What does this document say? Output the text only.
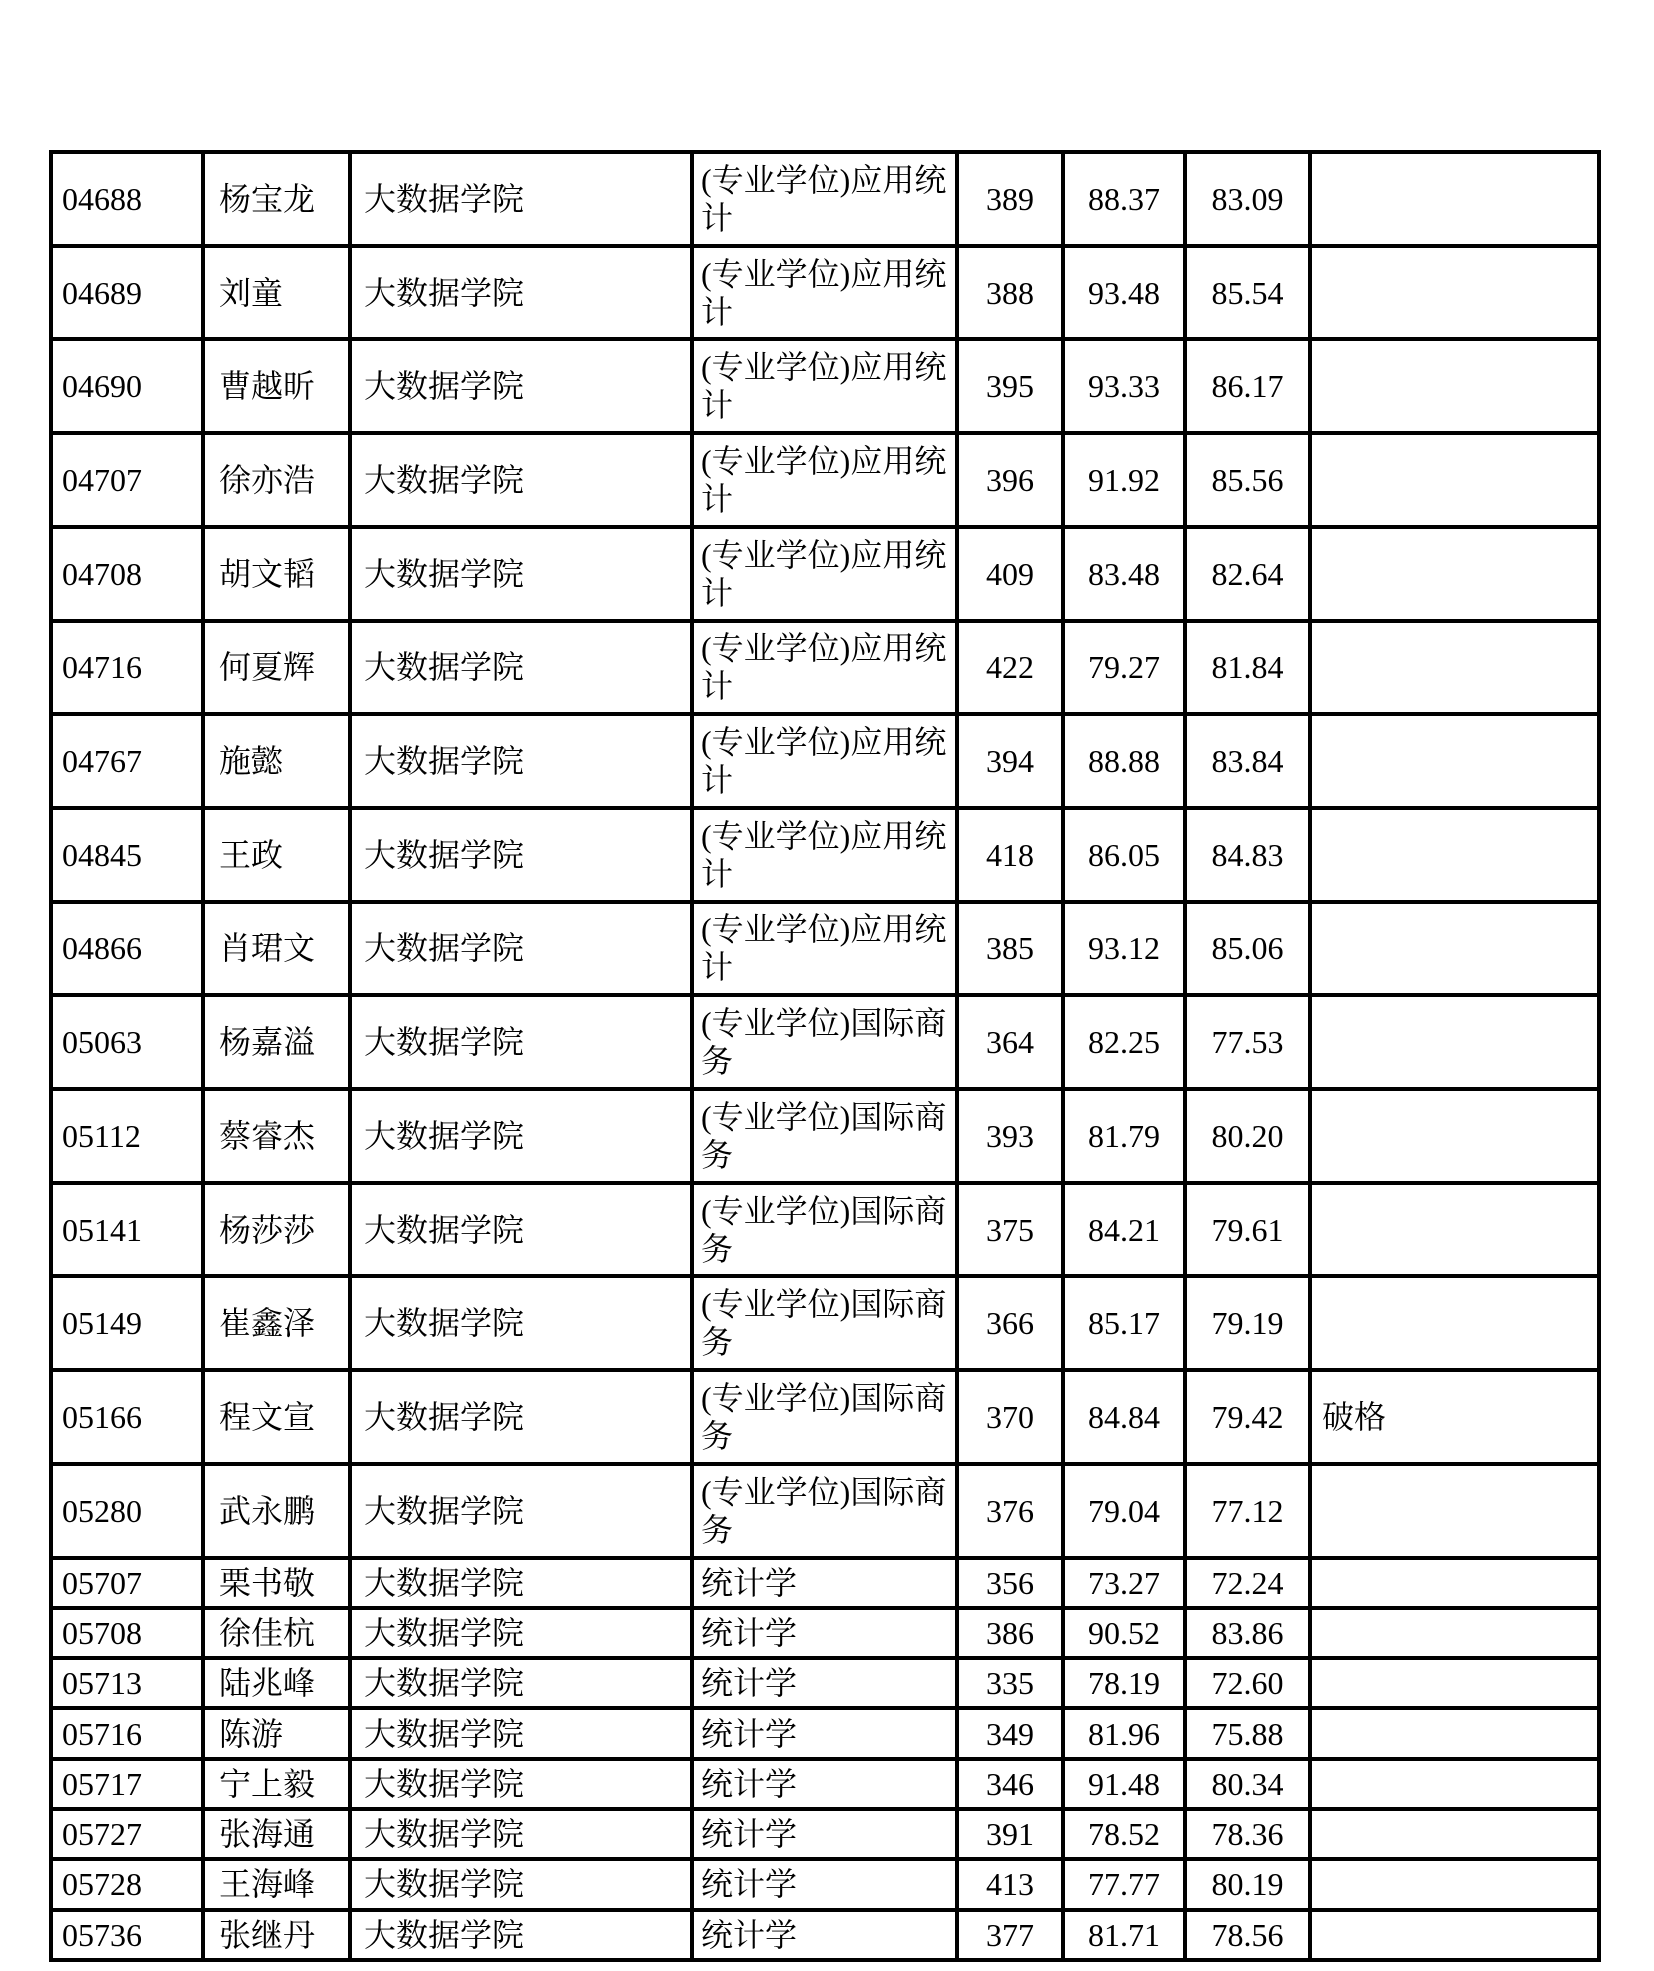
04688	杨宝龙	大数据学院	(专业学位)应用统计	389	88.37	83.09	
04689	刘童	大数据学院	(专业学位)应用统计	388	93.48	85.54	
04690	曹越昕	大数据学院	(专业学位)应用统计	395	93.33	86.17	
04707	徐亦浩	大数据学院	(专业学位)应用统计	396	91.92	85.56	
04708	胡文韬	大数据学院	(专业学位)应用统计	409	83.48	82.64	
04716	何夏辉	大数据学院	(专业学位)应用统计	422	79.27	81.84	
04767	施懿	大数据学院	(专业学位)应用统计	394	88.88	83.84	
04845	王政	大数据学院	(专业学位)应用统计	418	86.05	84.83	
04866	肖珺文	大数据学院	(专业学位)应用统计	385	93.12	85.06	
05063	杨嘉溢	大数据学院	(专业学位)国际商务	364	82.25	77.53	
05112	蔡睿杰	大数据学院	(专业学位)国际商务	393	81.79	80.20	
05141	杨莎莎	大数据学院	(专业学位)国际商务	375	84.21	79.61	
05149	崔鑫泽	大数据学院	(专业学位)国际商务	366	85.17	79.19	
05166	程文宣	大数据学院	(专业学位)国际商务	370	84.84	79.42	破格
05280	武永鹏	大数据学院	(专业学位)国际商务	376	79.04	77.12	
05707	栗书敬	大数据学院	统计学	356	73.27	72.24	
05708	徐佳杭	大数据学院	统计学	386	90.52	83.86	
05713	陆兆峰	大数据学院	统计学	335	78.19	72.60	
05716	陈游	大数据学院	统计学	349	81.96	75.88	
05717	宁上毅	大数据学院	统计学	346	91.48	80.34	
05727	张海通	大数据学院	统计学	391	78.52	78.36	
05728	王海峰	大数据学院	统计学	413	77.77	80.19	
05736	张继丹	大数据学院	统计学	377	81.71	78.56	
